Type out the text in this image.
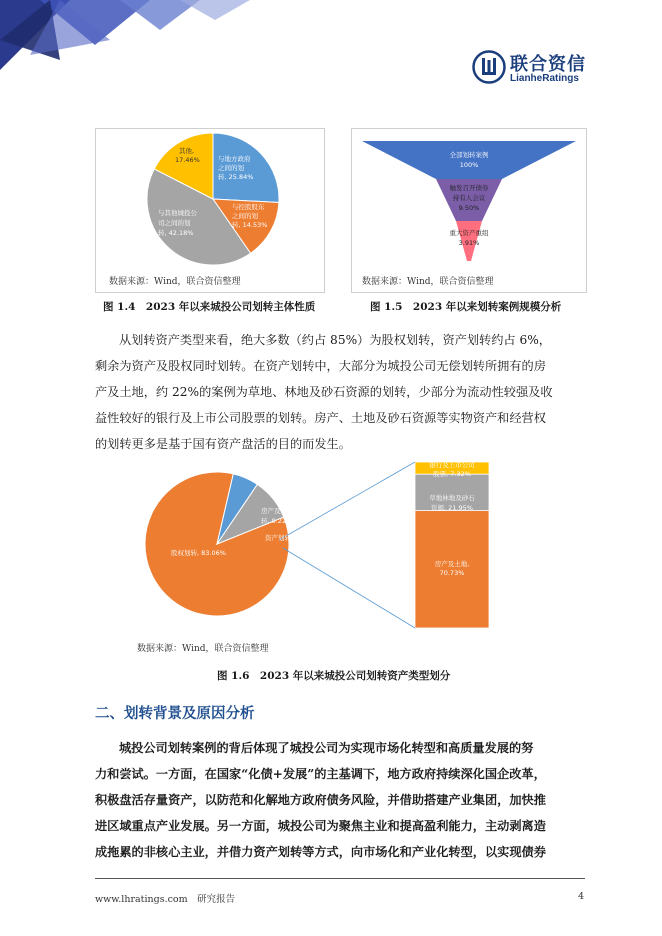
联合资信
LianheRatings
与地方政府之间的划转, 25.84%
与控股股东之间的划转, 14.53%
与其他城投公司之间的划转, 42.18%
其他, 17.46%
数据来源：Wind，联合资信整理
图 1.4　2023 年以来城投公司划转主体性质
全部划转案例 100%
触发召开债券持有人会议 9.50%
重大资产重组 3.91%
数据来源：Wind，联合资信整理
图 1.5　2023 年以来划转案例规模分析
从划转资产类型来看，绝大多数（约占 85%）为股权划转，资产划转约占 6%，
剩余为资产及股权同时划转。在资产划转中，大部分为城投公司无偿划转所拥有的房
产及土地，约 22%的案例为草地、林地及砂石资源的划转，少部分为流动性较强及收
益性较好的银行及上市公司股票的划转。房产、土地及砂石资源等实物资产和经营权
的划转更多是基于国有资产盘活的目的而发生。
股权划转, 83.06%
资产划转, 5.73%
房产及股权同时划转, 9.22%
银行及上市公司股票, 7.32%
草地林地及砂石资源, 21.95%
房产及土地, 70.73%
数据来源：Wind，联合资信整理
图 1.6　2023 年以来城投公司划转资产类型划分
二、划转背景及原因分析
城投公司划转案例的背后体现了城投公司为实现市场化转型和高质量发展的努
力和尝试。一方面，在国家“化债+发展”的主基调下，地方政府持续深化国企改革，
积极盘活存量资产，以防范和化解地方政府债务风险，并借助搭建产业集团，加快推
进区域重点产业发展。另一方面，城投公司为聚焦主业和提高盈利能力，主动剥离造
成拖累的非核心主业，并借力资产划转等方式，向市场化和产业化转型，以实现债券
www.lhratings.com　研究报告	4
